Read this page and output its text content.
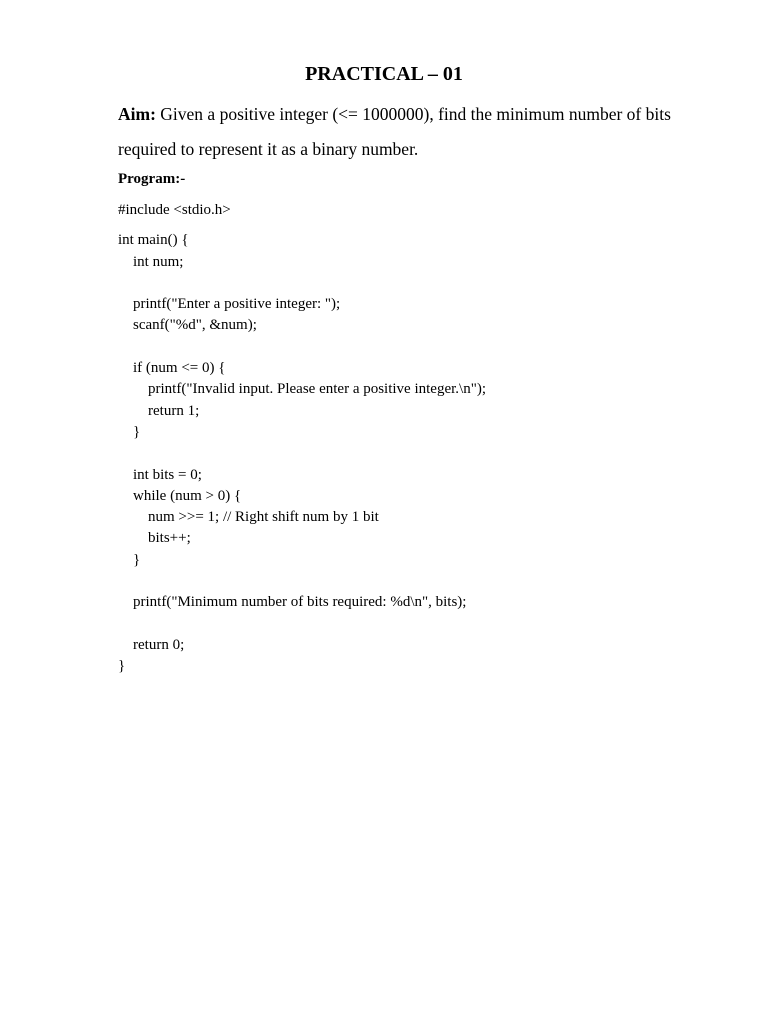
PRACTICAL – 01
Aim: Given a positive integer (<= 1000000), find the minimum number of bits required to represent it as a binary number.
Program:-
#include <stdio.h>
int main() {
int num;
printf("Enter a positive integer: ");
scanf("%d", &num);
if (num <= 0) {
printf("Invalid input. Please enter a positive integer.\n");
return 1;
}
int bits = 0;
while (num > 0) {
num >>= 1; // Right shift num by 1 bit
bits++;
}
printf("Minimum number of bits required: %d\n", bits);
return 0;
}
